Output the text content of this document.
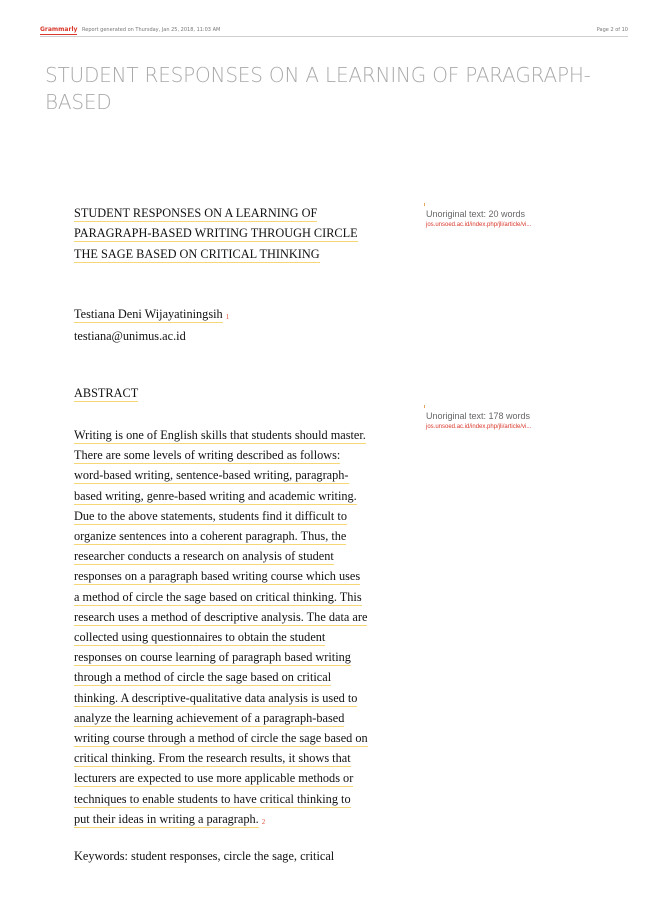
Grammarly Report generated on Thursday, Jan 25, 2018, 11:03 AM	Page 2 of 10
STUDENT RESPONSES ON A LEARNING OF PARAGRAPH-BASED
STUDENT RESPONSES ON A LEARNING OF
PARAGRAPH-BASED WRITING THROUGH CIRCLE
THE SAGE BASED ON CRITICAL THINKING
Testiana Deni Wijayatiningsih 1
testiana@unimus.ac.id
ABSTRACT
Writing is one of English skills that students should master.
There are some levels of writing described as follows:
word-based writing, sentence-based writing, paragraph-
based writing, genre-based writing and academic writing.
Due to the above statements, students find it difficult to
organize sentences into a coherent paragraph. Thus, the
researcher conducts a research on analysis of student
responses on a paragraph based writing course which uses
a method of circle the sage based on critical thinking. This
research uses a method of descriptive analysis. The data are
collected using questionnaires to obtain the student
responses on course learning of paragraph based writing
through a method of circle the sage based on critical
thinking. A descriptive-qualitative data analysis is used to
analyze the learning achievement of a paragraph-based
writing course through a method of circle the sage based on
critical thinking. From the research results, it shows that
lecturers are expected to use more applicable methods or
techniques to enable students to have critical thinking to
put their ideas in writing a paragraph. 2
Keywords: student responses, circle the sage, critical
Unoriginal text: 20 words
jos.unsoed.ac.id/index.php/jli/article/vi...
Unoriginal text: 178 words
jos.unsoed.ac.id/index.php/jli/article/vi...
